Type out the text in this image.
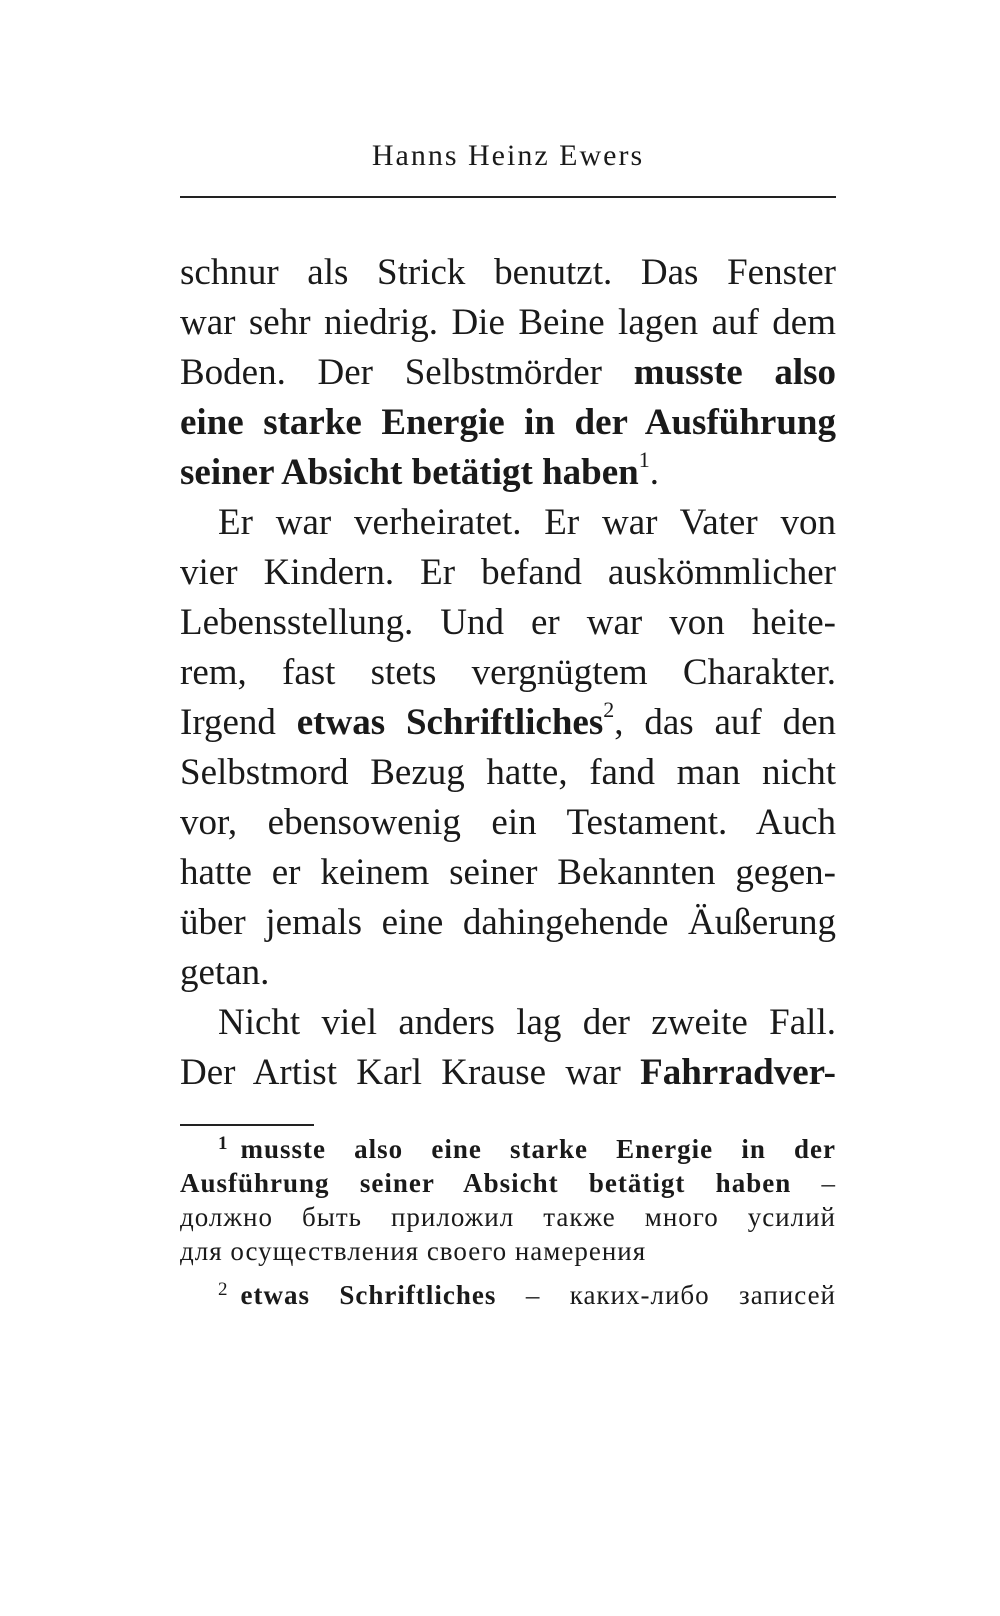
Hanns Heinz Ewers
schnur als Strick benutzt. Das Fenster
war sehr niedrig. Die Beine lagen auf dem
Boden. Der Selbstmörder musste also
eine starke Energie in der Ausführung
seiner Absicht betätigt haben$^1$.
Er war verheiratet. Er war Vater von
vier Kindern. Er befand auskömmlicher
Lebensstellung. Und er war von heite-
rem, fast stets vergnügtem Charakter.
Irgend etwas Schriftliches$^2$, das auf den
Selbstmord Bezug hatte, fand man nicht
vor, ebensowenig ein Testament. Auch
hatte er keinem seiner Bekannten gegen-
über jemals eine dahingehende Äußerung
getan.
Nicht viel anders lag der zweite Fall.
Der Artist Karl Krause war Fahrradver-
$^1$ musste also eine starke Energie in der
Ausführung seiner Absicht betätigt haben –
должно быть приложил также много усилий
для осуществления своего намерения
$^2$ etwas Schriftliches – каких-либо записей
